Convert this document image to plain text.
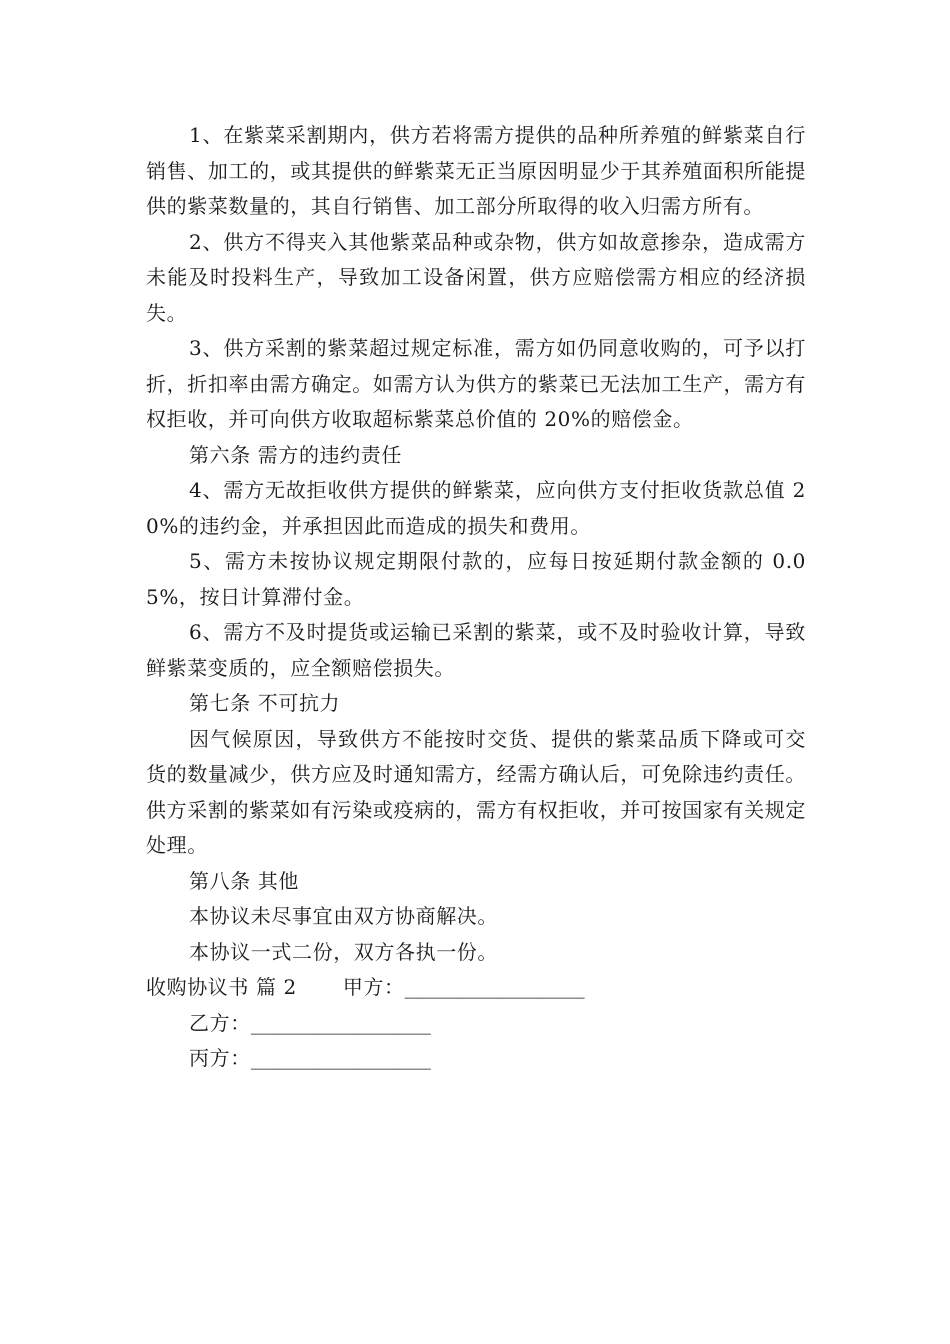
1、在紫菜采割期内，供方若将需方提供的品种所养殖的鲜紫菜自行销售、加工的，或其提供的鲜紫菜无正当原因明显少于其养殖面积所能提供的紫菜数量的，其自行销售、加工部分所取得的收入归需方所有。

2、供方不得夹入其他紫菜品种或杂物，供方如故意掺杂，造成需方未能及时投料生产，导致加工设备闲置，供方应赔偿需方相应的经济损失。

3、供方采割的紫菜超过规定标准，需方如仍同意收购的，可予以打折，折扣率由需方确定。如需方认为供方的紫菜已无法加工生产，需方有权拒收，并可向供方收取超标紫菜总价值的 20%的赔偿金。

第六条 需方的违约责任

4、需方无故拒收供方提供的鲜紫菜，应向供方支付拒收货款总值 20%的违约金，并承担因此而造成的损失和费用。

5、需方未按协议规定期限付款的，应每日按延期付款金额的 0.05%，按日计算滞付金。

6、需方不及时提货或运输已采割的紫菜，或不及时验收计算，导致鲜紫菜变质的，应全额赔偿损失。

第七条 不可抗力

因气候原因，导致供方不能按时交货、提供的紫菜品质下降或可交货的数量减少，供方应及时通知需方，经需方确认后，可免除违约责任。供方采割的紫菜如有污染或疫病的，需方有权拒收，并可按国家有关规定处理。

第八条 其他

本协议未尽事宜由双方协商解决。

本协议一式二份，双方各执一份。

收购协议书 篇 2 甲方：__________________

乙方：__________________

丙方：__________________
